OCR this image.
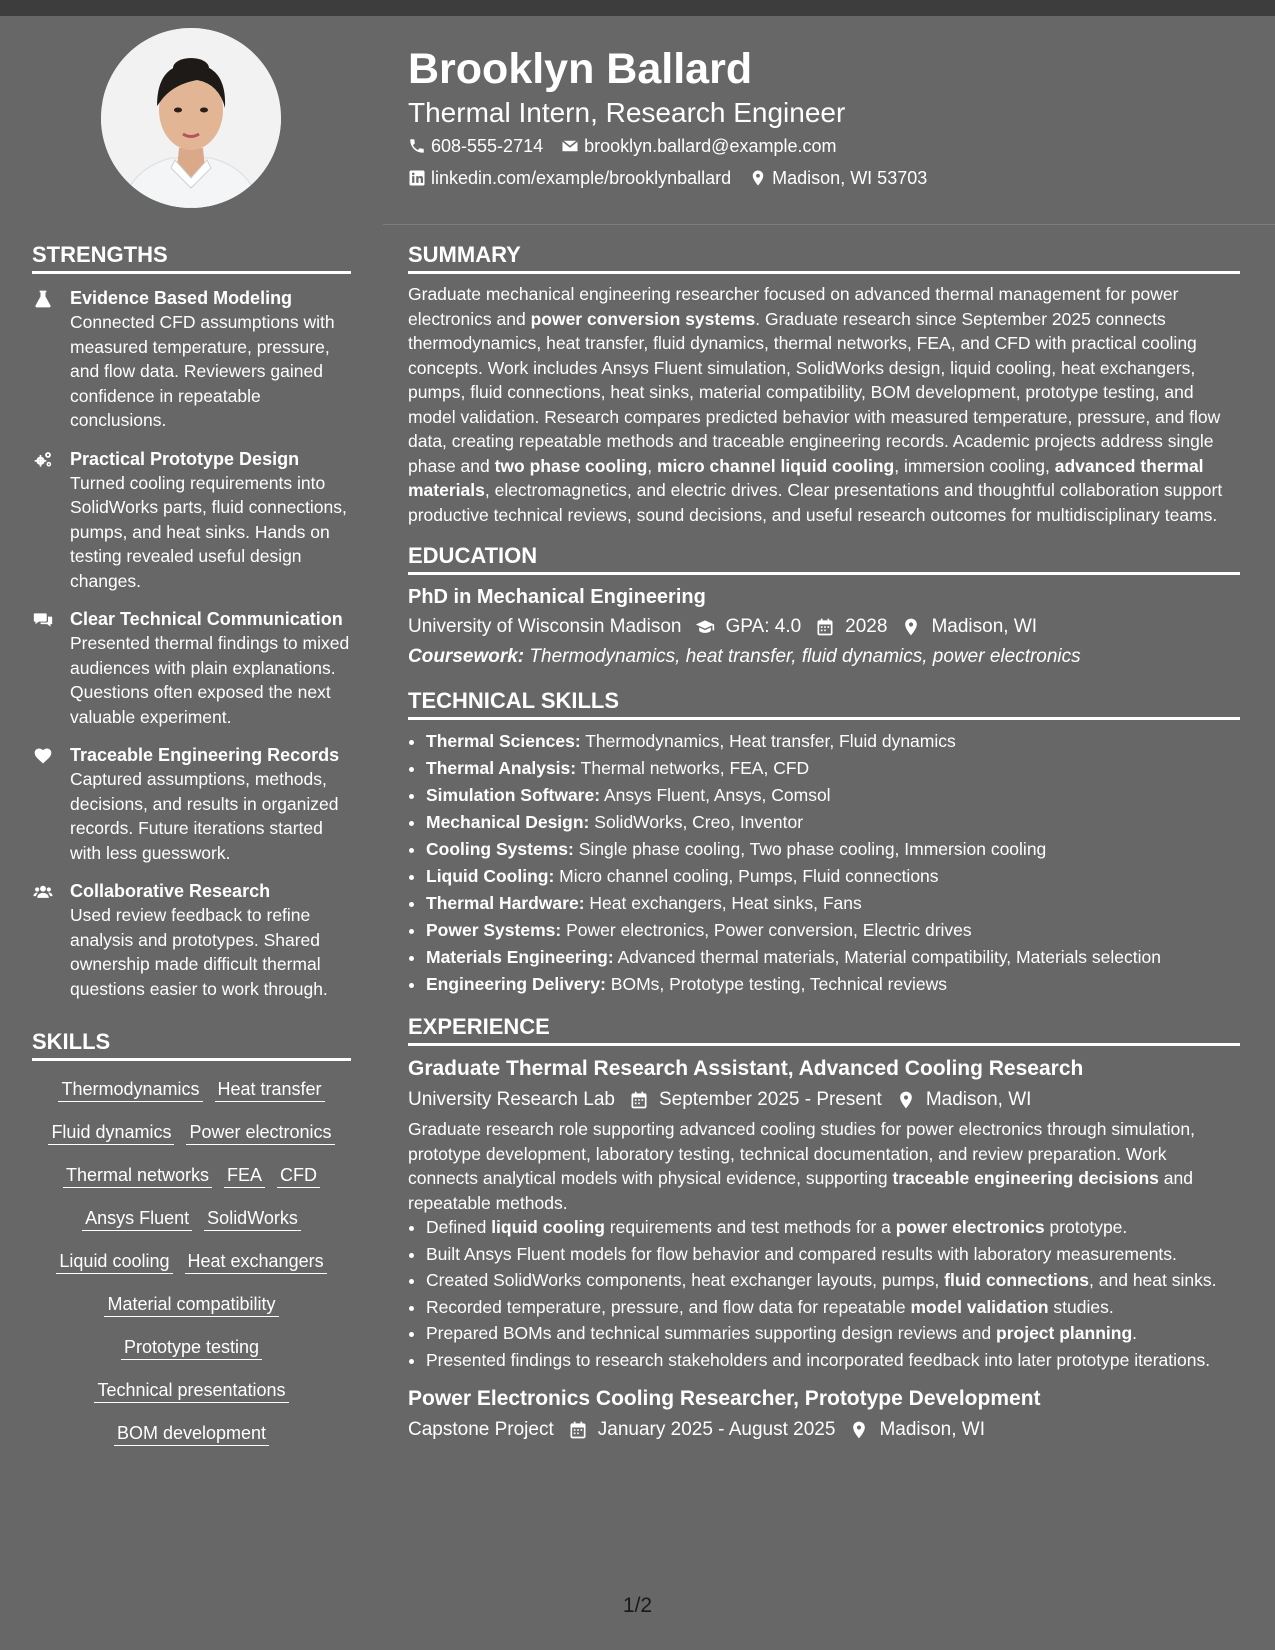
Brooklyn Ballard
Thermal Intern, Research Engineer
608-555-2714 brooklyn.ballard@example.com
linkedin.com/example/brooklynballard Madison, WI 53703
STRENGTHS
Evidence Based Modeling
Connected CFD assumptions with measured temperature, pressure, and flow data. Reviewers gained confidence in repeatable conclusions.
Practical Prototype Design
Turned cooling requirements into SolidWorks parts, fluid connections, pumps, and heat sinks. Hands on testing revealed useful design changes.
Clear Technical Communication
Presented thermal findings to mixed audiences with plain explanations. Questions often exposed the next valuable experiment.
Traceable Engineering Records
Captured assumptions, methods, decisions, and results in organized records. Future iterations started with less guesswork.
Collaborative Research
Used review feedback to refine analysis and prototypes. Shared ownership made difficult thermal questions easier to work through.
SKILLS
Thermodynamics Heat transfer
Fluid dynamics Power electronics
Thermal networks FEA CFD
Ansys Fluent SolidWorks
Liquid cooling Heat exchangers
Material compatibility
Prototype testing
Technical presentations
BOM development
SUMMARY

Graduate mechanical engineering researcher focused on advanced thermal management for power electronics and power conversion systems. Graduate research since September 2025 connects thermodynamics, heat transfer, fluid dynamics, thermal networks, FEA, and CFD with practical cooling concepts. Work includes Ansys Fluent simulation, SolidWorks design, liquid cooling, heat exchangers, pumps, fluid connections, heat sinks, material compatibility, BOM development, prototype testing, and model validation. Research compares predicted behavior with measured temperature, pressure, and flow data, creating repeatable methods and traceable engineering records. Academic projects address single phase and two phase cooling, micro channel liquid cooling, immersion cooling, advanced thermal materials, electromagnetics, and electric drives. Clear presentations and thoughtful collaboration support productive technical reviews, sound decisions, and useful research outcomes for multidisciplinary teams.

EDUCATION
PhD in Mechanical Engineering
University of Wisconsin Madison GPA: 4.0 2028 Madison, WI
Coursework: Thermodynamics, heat transfer, fluid dynamics, power electronics
TECHNICAL SKILLS
• Thermal Sciences: Thermodynamics, Heat transfer, Fluid dynamics
• Thermal Analysis: Thermal networks, FEA, CFD
• Simulation Software: Ansys Fluent, Ansys, Comsol
• Mechanical Design: SolidWorks, Creo, Inventor
• Cooling Systems: Single phase cooling, Two phase cooling, Immersion cooling
• Liquid Cooling: Micro channel cooling, Pumps, Fluid connections
• Thermal Hardware: Heat exchangers, Heat sinks, Fans
• Power Systems: Power electronics, Power conversion, Electric drives
• Materials Engineering: Advanced thermal materials, Material compatibility, Materials selection
• Engineering Delivery: BOMs, Prototype testing, Technical reviews
EXPERIENCE
Graduate Thermal Research Assistant, Advanced Cooling Research
University Research Lab September 2025 - Present Madison, WI
Graduate research role supporting advanced cooling studies for power electronics through simulation, prototype development, laboratory testing, technical documentation, and review preparation. Work connects analytical models with physical evidence, supporting traceable engineering decisions and repeatable methods.
• Defined liquid cooling requirements and test methods for a power electronics prototype.
• Built Ansys Fluent models for flow behavior and compared results with laboratory measurements.
• Created SolidWorks components, heat exchanger layouts, pumps, fluid connections, and heat sinks.
• Recorded temperature, pressure, and flow data for repeatable model validation studies.
• Prepared BOMs and technical summaries supporting design reviews and project planning.
• Presented findings to research stakeholders and incorporated feedback into later prototype iterations.
Power Electronics Cooling Researcher, Prototype Development
Capstone Project January 2025 - August 2025 Madison, WI
1/2
